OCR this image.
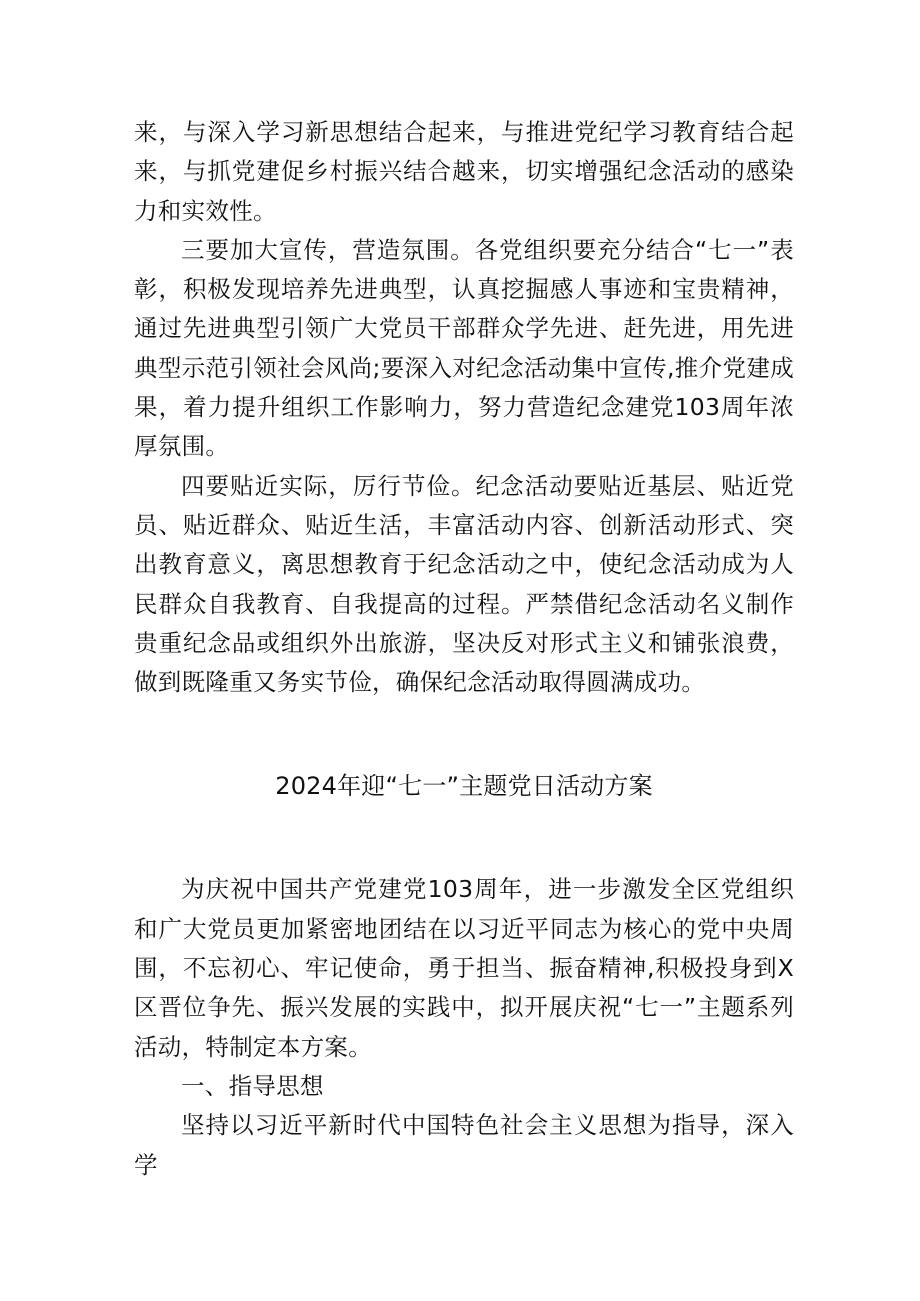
来，与深入学习新思想结合起来，与推进党纪学习教育结合起来，与抓党建促乡村振兴结合越来，切实增强纪念活动的感染力和实效性。

三要加大宣传，营造氛围。各党组织要充分结合“七一”表彰，积极发现培养先进典型，认真挖掘感人事迹和宝贵精神，通过先进典型引领广大党员干部群众学先进、赶先进，用先进典型示范引领社会风尚;要深入对纪念活动集中宣传,推介党建成果，着力提升组织工作影响力，努力营造纪念建党103周年浓厚氛围。

四要贴近实际，厉行节俭。纪念活动要贴近基层、贴近党员、贴近群众、贴近生活，丰富活动内容、创新活动形式、突出教育意义，离思想教育于纪念活动之中，使纪念活动成为人民群众自我教育、自我提高的过程。严禁借纪念活动名义制作贵重纪念品或组织外出旅游，坚决反对形式主义和铺张浪费，做到既隆重又务实节俭，确保纪念活动取得圆满成功。

2024年迎“七一”主题党日活动方案

为庆祝中国共产党建党103周年，进一步激发全区党组织和广大党员更加紧密地团结在以习近平同志为核心的党中央周围，不忘初心、牢记使命，勇于担当、振奋精神,积极投身到X区晋位争先、振兴发展的实践中，拟开展庆祝“七一”主题系列活动，特制定本方案。

一、指导思想

坚持以习近平新时代中国特色社会主义思想为指导，深入学
